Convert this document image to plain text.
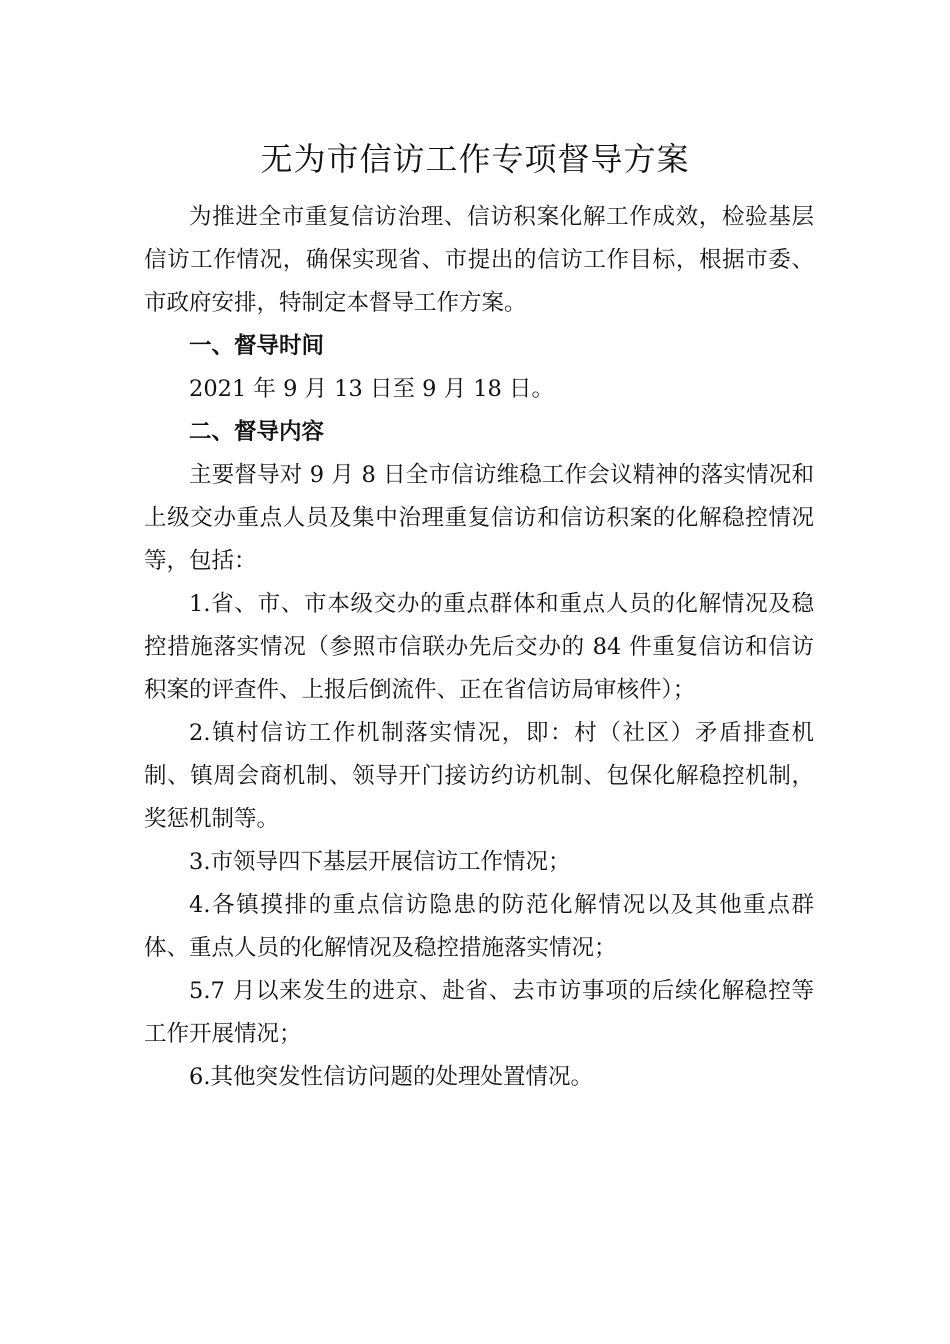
无为市信访工作专项督导方案

为推进全市重复信访治理、信访积案化解工作成效，检验基层信访工作情况，确保实现省、市提出的信访工作目标，根据市委、市政府安排，特制定本督导工作方案。

一、督导时间

2021 年 9 月 13 日至 9 月 18 日。

二、督导内容

主要督导对 9 月 8 日全市信访维稳工作会议精神的落实情况和上级交办重点人员及集中治理重复信访和信访积案的化解稳控情况等，包括：

1.省、市、市本级交办的重点群体和重点人员的化解情况及稳控措施落实情况（参照市信联办先后交办的 84 件重复信访和信访积案的评查件、上报后倒流件、正在省信访局审核件）；

2.镇村信访工作机制落实情况，即：村（社区）矛盾排查机制、镇周会商机制、领导开门接访约访机制、包保化解稳控机制，奖惩机制等。

3.市领导四下基层开展信访工作情况；

4.各镇摸排的重点信访隐患的防范化解情况以及其他重点群体、重点人员的化解情况及稳控措施落实情况；

5.7 月以来发生的进京、赴省、去市访事项的后续化解稳控等工作开展情况；

6.其他突发性信访问题的处理处置情况。
